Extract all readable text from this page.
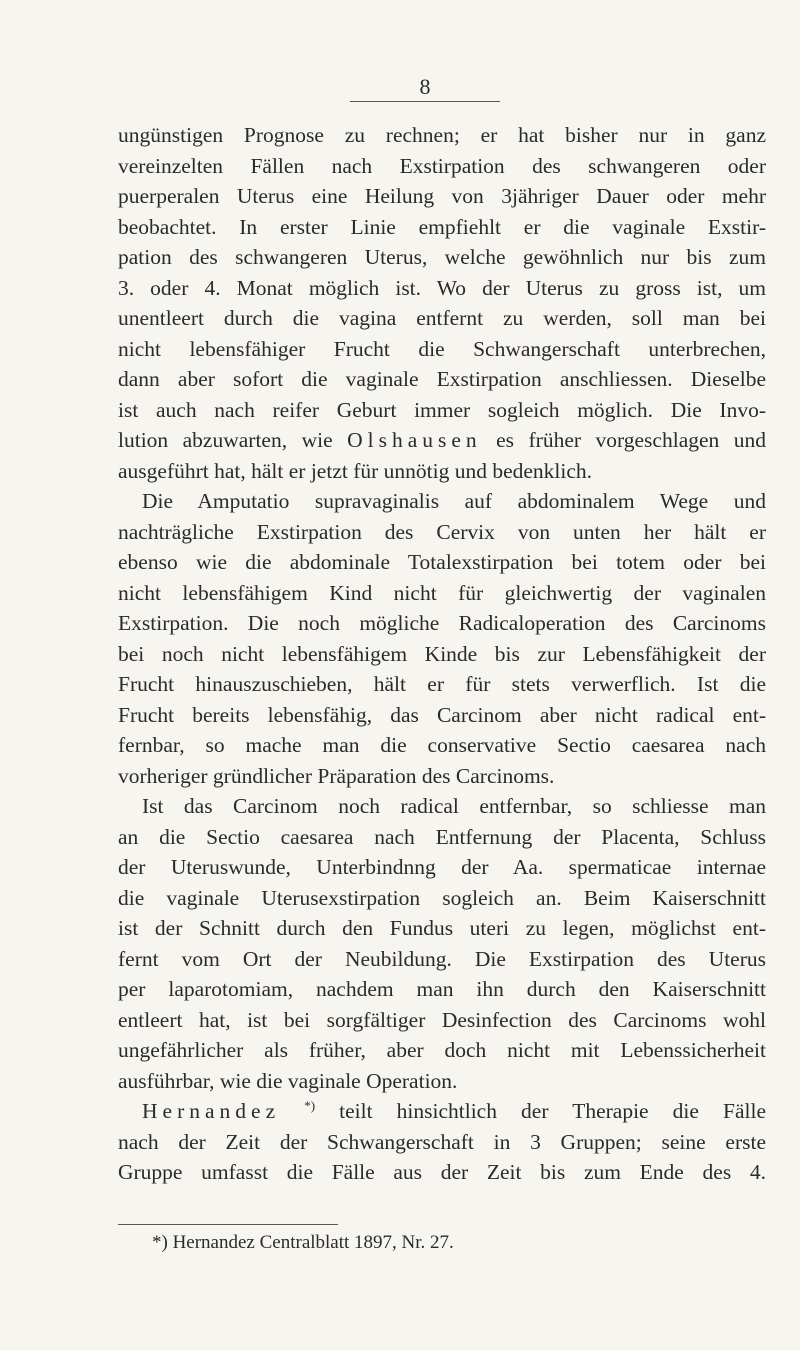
8
ungünstigen Prognose zu rechnen; er hat bisher nur in ganz
vereinzelten Fällen nach Exstirpation des schwangeren oder
puerperalen Uterus eine Heilung von 3jähriger Dauer oder mehr
beobachtet. In erster Linie empfiehlt er die vaginale Exstir-
pation des schwangeren Uterus, welche gewöhnlich nur bis zum
3. oder 4. Monat möglich ist. Wo der Uterus zu gross ist, um
unentleert durch die vagina entfernt zu werden, soll man bei
nicht lebensfähiger Frucht die Schwangerschaft unterbrechen,
dann aber sofort die vaginale Exstirpation anschliessen. Dieselbe
ist auch nach reifer Geburt immer sogleich möglich. Die Invo-
lution abzuwarten, wie Olshausen es früher vorgeschlagen und
ausgeführt hat, hält er jetzt für unnötig und bedenklich.
Die Amputatio supravaginalis auf abdominalem Wege und
nachträgliche Exstirpation des Cervix von unten her hält er
ebenso wie die abdominale Totalexstirpation bei totem oder bei
nicht lebensfähigem Kind nicht für gleichwertig der vaginalen
Exstirpation. Die noch mögliche Radicaloperation des Carcinoms
bei noch nicht lebensfähigem Kinde bis zur Lebensfähigkeit der
Frucht hinauszuschieben, hält er für stets verwerflich. Ist die
Frucht bereits lebensfähig, das Carcinom aber nicht radical ent-
fernbar, so mache man die conservative Sectio caesarea nach
vorheriger gründlicher Präparation des Carcinoms.
Ist das Carcinom noch radical entfernbar, so schliesse man
an die Sectio caesarea nach Entfernung der Placenta, Schluss
der Uteruswunde, Unterbindnng der Aa. spermaticae internae
die vaginale Uterusexstirpation sogleich an. Beim Kaiserschnitt
ist der Schnitt durch den Fundus uteri zu legen, möglichst ent-
fernt vom Ort der Neubildung. Die Exstirpation des Uterus
per laparotomiam, nachdem man ihn durch den Kaiserschnitt
entleert hat, ist bei sorgfältiger Desinfection des Carcinoms wohl
ungefährlicher als früher, aber doch nicht mit Lebenssicherheit
ausführbar, wie die vaginale Operation.
Hernandez *) teilt hinsichtlich der Therapie die Fälle
nach der Zeit der Schwangerschaft in 3 Gruppen; seine erste
Gruppe umfasst die Fälle aus der Zeit bis zum Ende des 4.
*) Hernandez Centralblatt 1897, Nr. 27.
